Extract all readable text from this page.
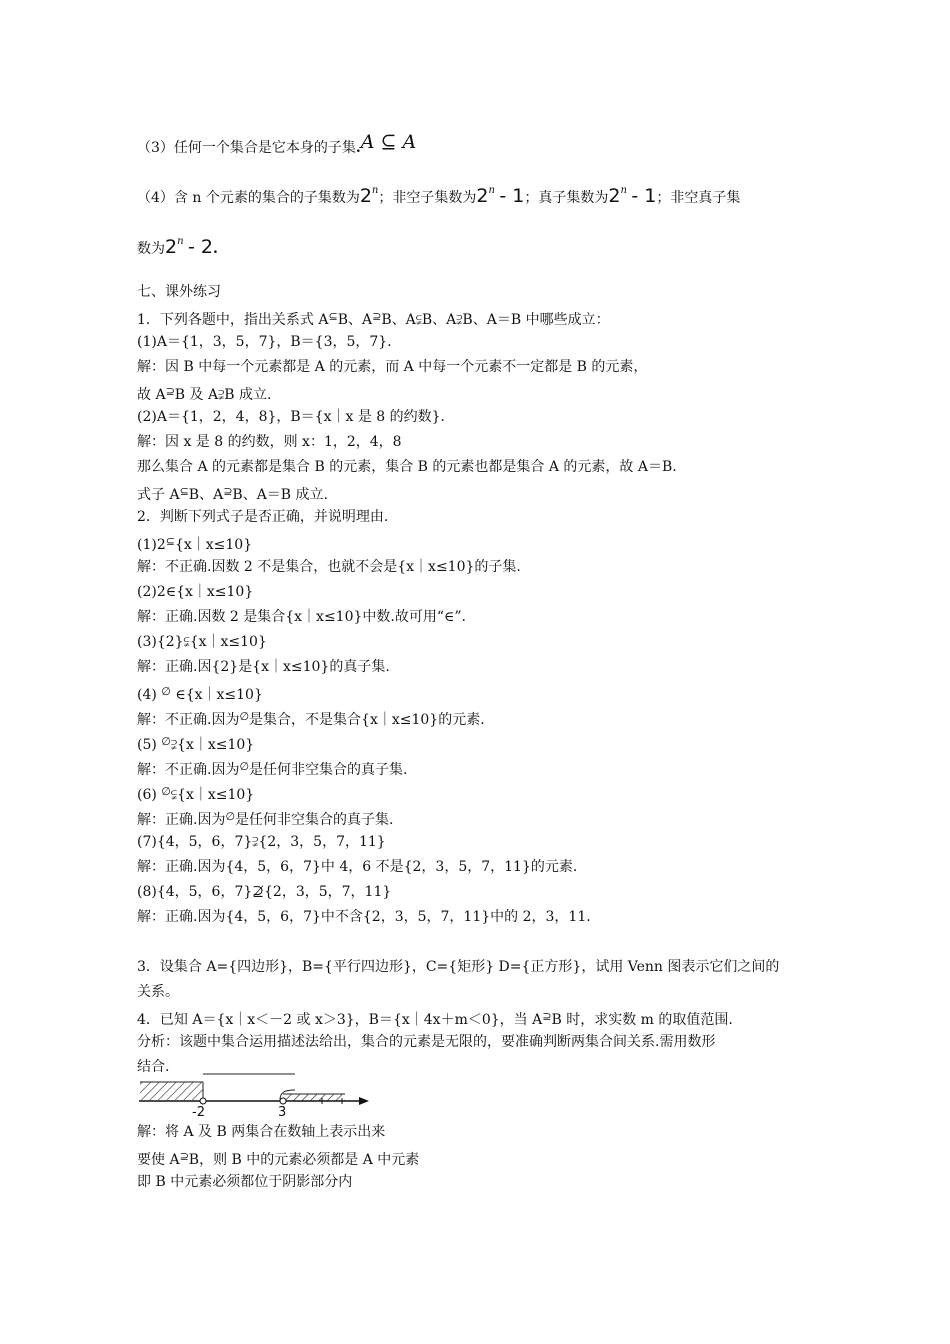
（3）任何一个集合是它本身的子集.A ⊆ A
（4）含 n 个元素的集合的子集数为2$^n$；非空子集数为2$^n$ - 1；真子集数为2$^n$ - 1；非空真子集
数为2$^n$ - 2.
七、课外练习
1．下列各题中，指出关系式 A⊆B、A⊇B、A⫋B、A⫌B、A＝B 中哪些成立：
(1)A＝{1，3，5，7}，B＝{3，5，7}．
解：因 B 中每一个元素都是 A 的元素，而 A 中每一个元素不一定都是 B 的元素，
故 A⊇B 及 A⫌B 成立.
(2)A＝{1，2，4，8}，B＝{x｜x 是 8 的约数}．
解：因 x 是 8 的约数，则 x：1，2，4，8
那么集合 A 的元素都是集合 B 的元素，集合 B 的元素也都是集合 A 的元素，故 A＝B.
式子 A⊆B、A⊇B、A＝B 成立.
2．判断下列式子是否正确，并说明理由.
(1)2⊆{x｜x≤10}
解：不正确.因数 2 不是集合，也就不会是{x｜x≤10}的子集.
(2)2∈{x｜x≤10}
解：正确.因数 2 是集合{x｜x≤10}中数.故可用“∈”.
(3){2}⫋{x｜x≤10}
解：正确.因{2}是{x｜x≤10}的真子集.
(4) ∅ ∈{x｜x≤10}
解：不正确.因为∅是集合，不是集合{x｜x≤10}的元素.
(5) ∅⫌{x｜x≤10}
解：不正确.因为∅是任何非空集合的真子集.
(6) ∅⫋{x｜x≤10}
解：正确.因为∅是任何非空集合的真子集.
(7){4，5，6，7}⫌{2，3，5，7，11}
解：正确.因为{4，5，6，7}中 4，6 不是{2，3，5，7，11}的元素.
(8){4，5，6，7}⊉{2，3，5，7，11}
解：正确.因为{4，5，6，7}中不含{2，3，5，7，11}中的 2，3，11.
3．设集合 A={四边形}，B={平行四边形}，C={矩形} D={正方形}，试用 Venn 图表示它们之间的
关系。
4．已知 A＝{x｜x＜－2 或 x＞3}，B＝{x｜4x＋m＜0}，当 A⊇B 时，求实数 m 的取值范围.
分析：该题中集合运用描述法给出，集合的元素是无限的，要准确判断两集合间关系.需用数形
结合.
-2	3
解：将 A 及 B 两集合在数轴上表示出来
要使 A⊇B，则 B 中的元素必须都是 A 中元素
即 B 中元素必须都位于阴影部分内
